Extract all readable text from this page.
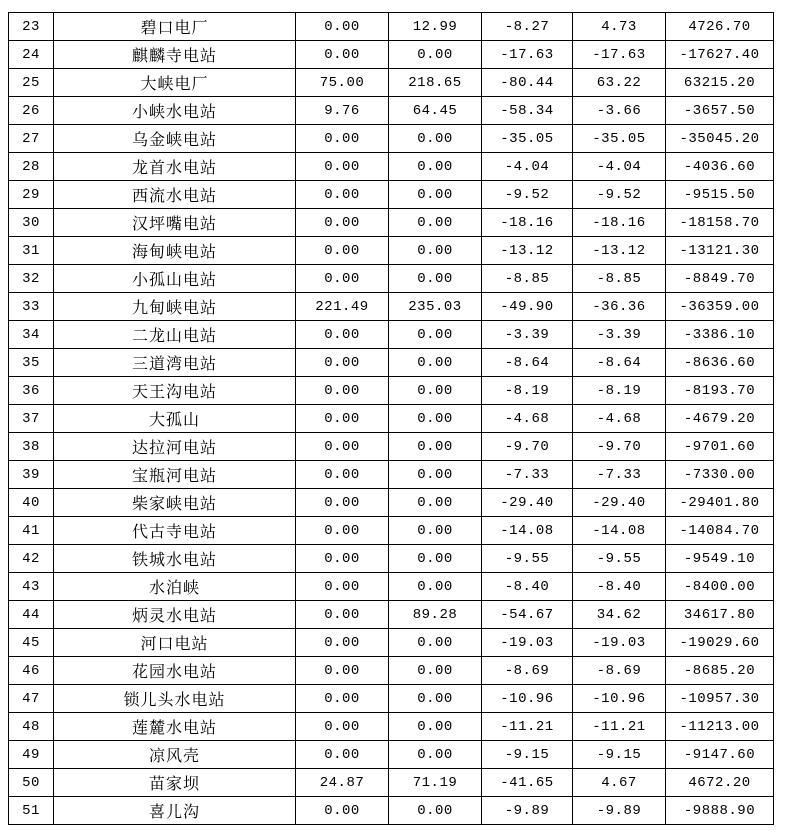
23	碧口电厂	0.00	12.99	-8.27	4.73	4726.70
24	麒麟寺电站	0.00	0.00	-17.63	-17.63	-17627.40
25	大峡电厂	75.00	218.65	-80.44	63.22	63215.20
26	小峡水电站	9.76	64.45	-58.34	-3.66	-3657.50
27	乌金峡电站	0.00	0.00	-35.05	-35.05	-35045.20
28	龙首水电站	0.00	0.00	-4.04	-4.04	-4036.60
29	西流水电站	0.00	0.00	-9.52	-9.52	-9515.50
30	汉坪嘴电站	0.00	0.00	-18.16	-18.16	-18158.70
31	海甸峡电站	0.00	0.00	-13.12	-13.12	-13121.30
32	小孤山电站	0.00	0.00	-8.85	-8.85	-8849.70
33	九甸峡电站	221.49	235.03	-49.90	-36.36	-36359.00
34	二龙山电站	0.00	0.00	-3.39	-3.39	-3386.10
35	三道湾电站	0.00	0.00	-8.64	-8.64	-8636.60
36	天王沟电站	0.00	0.00	-8.19	-8.19	-8193.70
37	大孤山	0.00	0.00	-4.68	-4.68	-4679.20
38	达拉河电站	0.00	0.00	-9.70	-9.70	-9701.60
39	宝瓶河电站	0.00	0.00	-7.33	-7.33	-7330.00
40	柴家峡电站	0.00	0.00	-29.40	-29.40	-29401.80
41	代古寺电站	0.00	0.00	-14.08	-14.08	-14084.70
42	铁城水电站	0.00	0.00	-9.55	-9.55	-9549.10
43	水泊峡	0.00	0.00	-8.40	-8.40	-8400.00
44	炳灵水电站	0.00	89.28	-54.67	34.62	34617.80
45	河口电站	0.00	0.00	-19.03	-19.03	-19029.60
46	花园水电站	0.00	0.00	-8.69	-8.69	-8685.20
47	锁儿头水电站	0.00	0.00	-10.96	-10.96	-10957.30
48	莲麓水电站	0.00	0.00	-11.21	-11.21	-11213.00
49	凉风壳	0.00	0.00	-9.15	-9.15	-9147.60
50	苗家坝	24.87	71.19	-41.65	4.67	4672.20
51	喜儿沟	0.00	0.00	-9.89	-9.89	-9888.90
